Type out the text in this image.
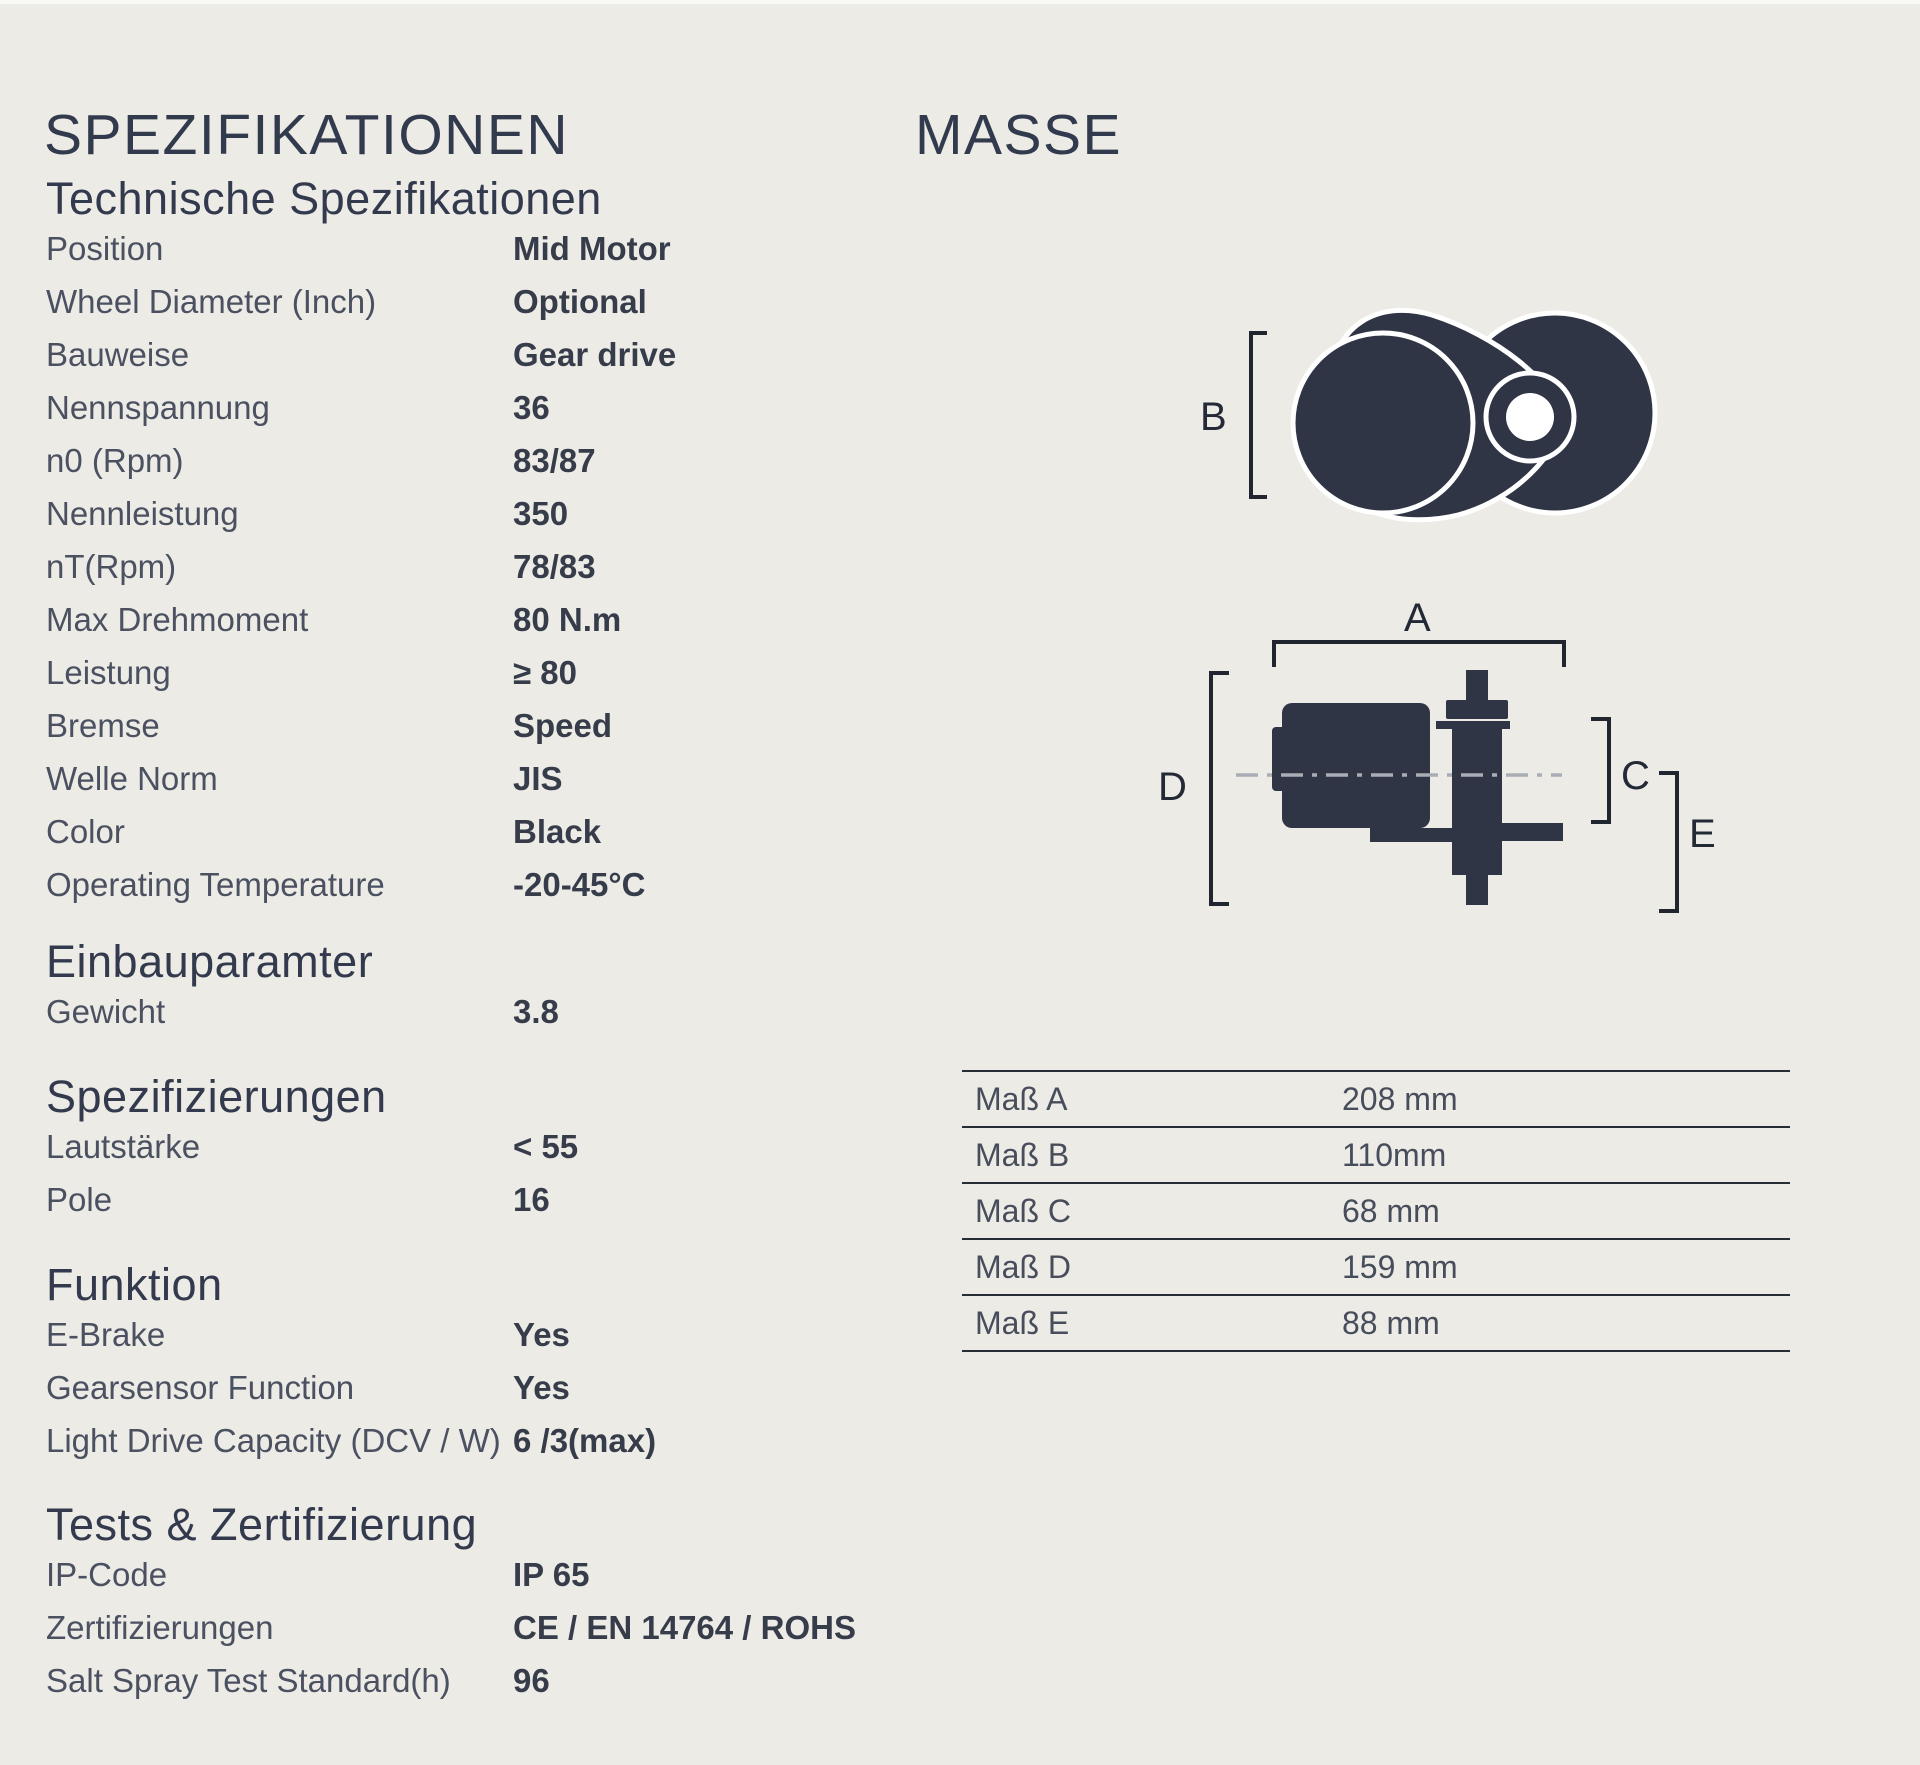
SPEZIFIKATIONEN	MASSE
Technische Spezifikationen
Position	Mid Motor
Wheel Diameter (Inch)	Optional
Bauweise	Gear drive
Nennspannung	36
n0 (Rpm)	83/87
Nennleistung	350
nT(Rpm)	78/83
Max Drehmoment	80 N.m
Leistung	≥ 80
Bremse	Speed
Welle Norm	JIS
Color	Black
Operating Temperature	-20-45°C
Einbauparamter
Gewicht	3.8
Spezifizierungen
Lautstärke	< 55
Pole	16
Funktion
E-Brake	Yes
Gearsensor Function	Yes
Light Drive Capacity (DCV / W) 6 /3(max)
Tests & Zertifizierung
IP-Code	IP 65
Zertifizierungen	CE / EN 14764 / ROHS
Salt Spray Test Standard(h) 96
B
A
D	C
E
Maß A	208 mm
Maß B	110mm
Maß C	68 mm
Maß D	159 mm
Maß E	88 mm
